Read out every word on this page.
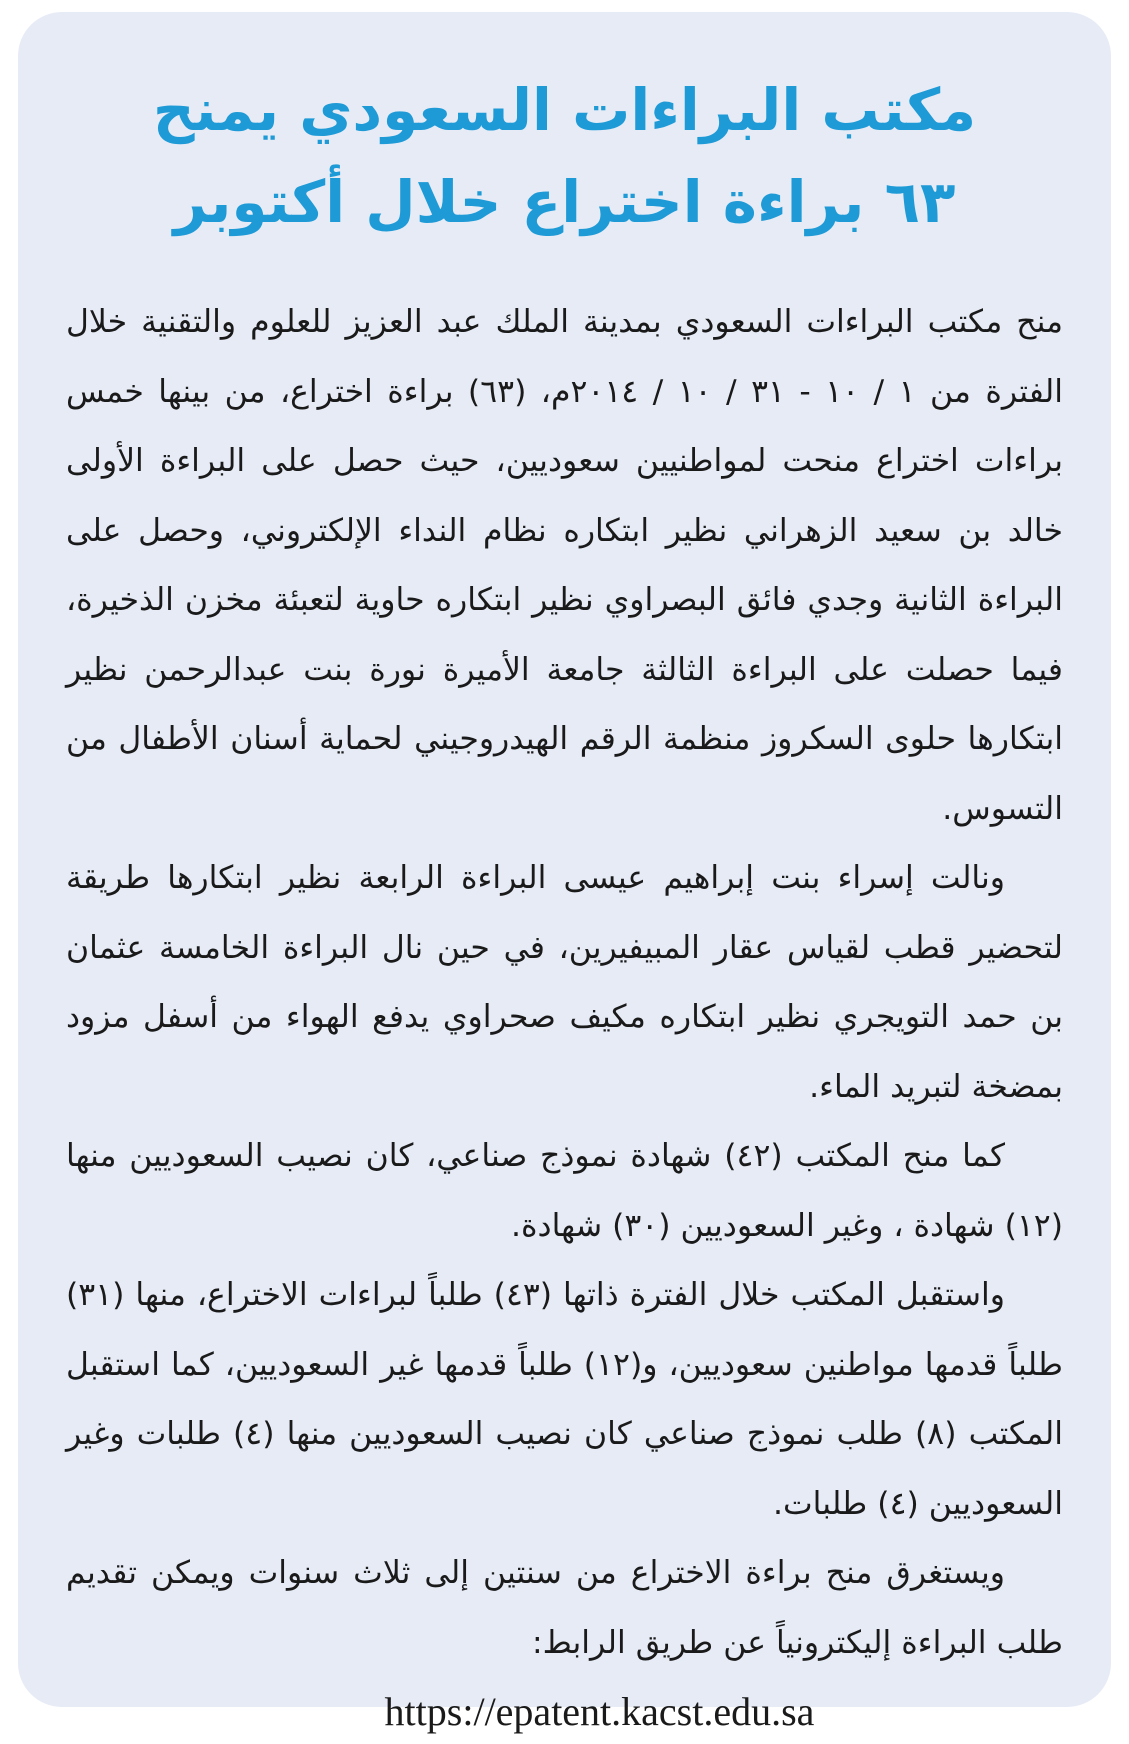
مكتب البراءات السعودي يمنح
٦٣ براءة اختراع خلال أكتوبر

منح مكتب البراءات السعودي بمدينة الملك عبد العزيز للعلوم والتقنية خلال الفترة من ١ / ١٠ - ٣١ / ١٠ / ٢٠١٤م، (٦٣) براءة اختراع، من بينها خمس براءات اختراع منحت لمواطنيين سعوديين، حيث حصل على البراءة الأولى خالد بن سعيد الزهراني نظير ابتكاره نظام النداء الإلكتروني، وحصل على البراءة الثانية وجدي فائق البصراوي نظير ابتكاره حاوية لتعبئة مخزن الذخيرة، فيما حصلت على البراءة الثالثة جامعة الأميرة نورة بنت عبدالرحمن نظير ابتكارها حلوى السكروز منظمة الرقم الهيدروجيني لحماية أسنان الأطفال من التسوس.

ونالت إسراء بنت إبراهيم عيسى البراءة الرابعة نظير ابتكارها طريقة لتحضير قطب لقياس عقار المبيفيرين، في حين نال البراءة الخامسة عثمان بن حمد التويجري نظير ابتكاره مكيف صحراوي يدفع الهواء من أسفل مزود بمضخة لتبريد الماء.

كما منح المكتب (٤٢) شهادة نموذج صناعي، كان نصيب السعوديين منها (١٢) شهادة ، وغير السعوديين (٣٠) شهادة.

واستقبل المكتب خلال الفترة ذاتها (٤٣) طلباً لبراءات الاختراع، منها (٣١) طلباً قدمها مواطنين سعوديين، و(١٢) طلباً قدمها غير السعوديين، كما استقبل المكتب (٨) طلب نموذج صناعي كان نصيب السعوديين منها (٤) طلبات وغير السعوديين (٤) طلبات.

ويستغرق منح براءة الاختراع من سنتين إلى ثلاث سنوات ويمكن تقديم طلب البراءة إليكترونياً عن طريق الرابط:

https://epatent.kacst.edu.sa
